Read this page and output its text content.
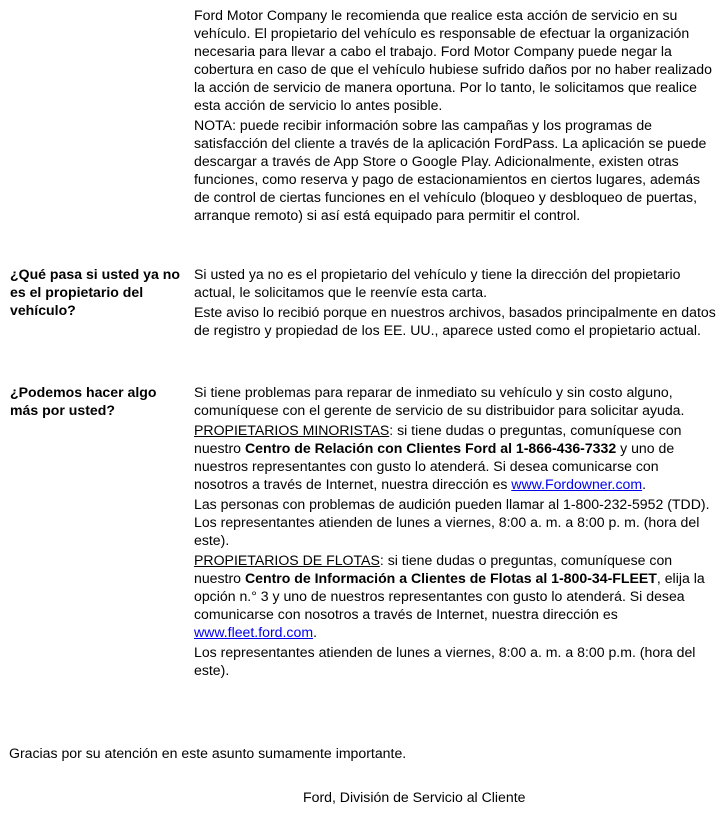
Ford Motor Company le recomienda que realice esta acción de servicio en su vehículo. El propietario del vehículo es responsable de efectuar la organización necesaria para llevar a cabo el trabajo. Ford Motor Company puede negar la cobertura en caso de que el vehículo hubiese sufrido daños por no haber realizado la acción de servicio de manera oportuna. Por lo tanto, le solicitamos que realice esta acción de servicio lo antes posible.

NOTA: puede recibir información sobre las campañas y los programas de satisfacción del cliente a través de la aplicación FordPass. La aplicación se puede descargar a través de App Store o Google Play. Adicionalmente, existen otras funciones, como reserva y pago de estacionamientos en ciertos lugares, además de control de ciertas funciones en el vehículo (bloqueo y desbloqueo de puertas, arranque remoto) si así está equipado para permitir el control.

¿Qué pasa si usted ya no es el propietario del vehículo?

Si usted ya no es el propietario del vehículo y tiene la dirección del propietario actual, le solicitamos que le reenvíe esta carta.

Este aviso lo recibió porque en nuestros archivos, basados principalmente en datos de registro y propiedad de los EE. UU., aparece usted como el propietario actual.

¿Podemos hacer algo más por usted?

Si tiene problemas para reparar de inmediato su vehículo y sin costo alguno, comuníquese con el gerente de servicio de su distribuidor para solicitar ayuda.

PROPIETARIOS MINORISTAS: si tiene dudas o preguntas, comuníquese con nuestro Centro de Relación con Clientes Ford al 1-866-436-7332 y uno de nuestros representantes con gusto lo atenderá. Si desea comunicarse con nosotros a través de Internet, nuestra dirección es www.Fordowner.com.

Las personas con problemas de audición pueden llamar al 1-800-232-5952 (TDD). Los representantes atienden de lunes a viernes, 8:00 a. m. a 8:00 p. m. (hora del este).

PROPIETARIOS DE FLOTAS: si tiene dudas o preguntas, comuníquese con nuestro Centro de Información a Clientes de Flotas al 1-800-34-FLEET, elija la opción n.° 3 y uno de nuestros representantes con gusto lo atenderá. Si desea comunicarse con nosotros a través de Internet, nuestra dirección es www.fleet.ford.com.

Los representantes atienden de lunes a viernes, 8:00 a. m. a 8:00 p.m. (hora del este).

Gracias por su atención en este asunto sumamente importante.
Ford, División de Servicio al Cliente
